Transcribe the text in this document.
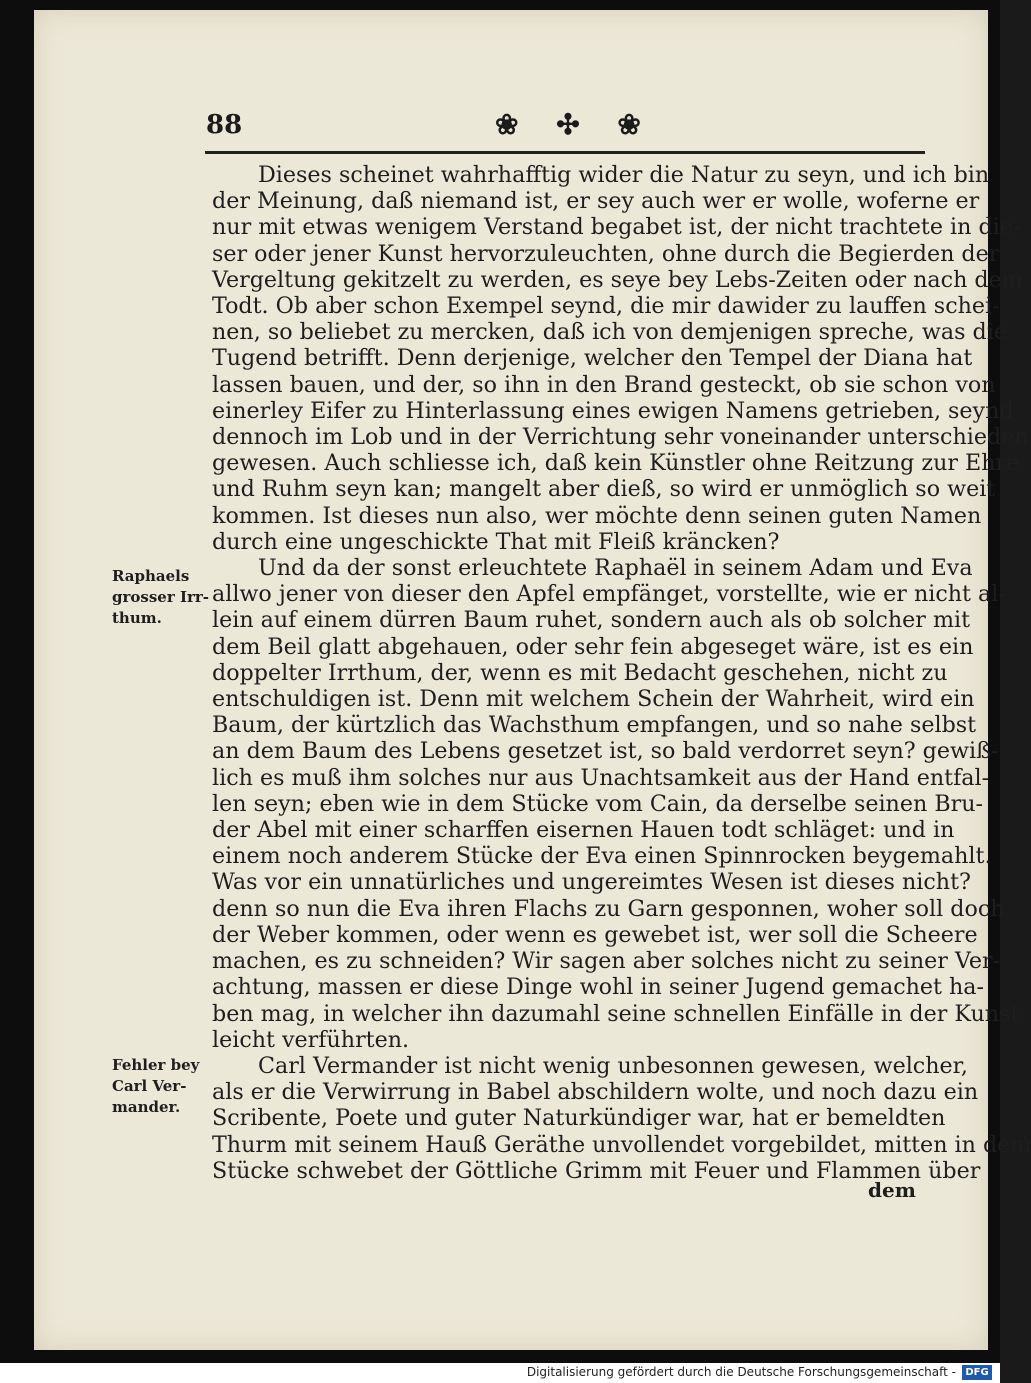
88	❀ ✣ ❀
Raphaels
grosser Irr-
thum.
Fehler bey
Carl Ver-
mander.
Dieses scheinet wahrhafftig wider die Natur zu seyn, und ich bin
der Meinung, daß niemand ist, er sey auch wer er wolle, woferne er
nur mit etwas wenigem Verstand begabet ist, der nicht trachtete in die-
ser oder jener Kunst hervorzuleuchten, ohne durch die Begierden der
Vergeltung gekitzelt zu werden, es seye bey Lebs-Zeiten oder nach dem
Todt. Ob aber schon Exempel seynd, die mir dawider zu lauffen schei-
nen, so beliebet zu mercken, daß ich von demjenigen spreche, was die
Tugend betrifft. Denn derjenige, welcher den Tempel der Diana hat
lassen bauen, und der, so ihn in den Brand gesteckt, ob sie schon von
einerley Eifer zu Hinterlassung eines ewigen Namens getrieben, seynd
dennoch im Lob und in der Verrichtung sehr voneinander unterschieden
gewesen. Auch schliesse ich, daß kein Künstler ohne Reitzung zur Ehre
und Ruhm seyn kan; mangelt aber dieß, so wird er unmöglich so weit
kommen. Ist dieses nun also, wer möchte denn seinen guten Namen
durch eine ungeschickte That mit Fleiß kräncken?
Und da der sonst erleuchtete Raphaël in seinem Adam und Eva
allwo jener von dieser den Apfel empfänget, vorstellte, wie er nicht al-
lein auf einem dürren Baum ruhet, sondern auch als ob solcher mit
dem Beil glatt abgehauen, oder sehr fein abgeseget wäre, ist es ein
doppelter Irrthum, der, wenn es mit Bedacht geschehen, nicht zu
entschuldigen ist. Denn mit welchem Schein der Wahrheit, wird ein
Baum, der kürtzlich das Wachsthum empfangen, und so nahe selbst
an dem Baum des Lebens gesetzet ist, so bald verdorret seyn? gewiß-
lich es muß ihm solches nur aus Unachtsamkeit aus der Hand entfal-
len seyn; eben wie in dem Stücke vom Cain, da derselbe seinen Bru-
der Abel mit einer scharffen eisernen Hauen todt schläget: und in
einem noch anderem Stücke der Eva einen Spinnrocken beygemahlt.
Was vor ein unnatürliches und ungereimtes Wesen ist dieses nicht?
denn so nun die Eva ihren Flachs zu Garn gesponnen, woher soll doch
der Weber kommen, oder wenn es gewebet ist, wer soll die Scheere
machen, es zu schneiden? Wir sagen aber solches nicht zu seiner Ver-
achtung, massen er diese Dinge wohl in seiner Jugend gemachet ha-
ben mag, in welcher ihn dazumahl seine schnellen Einfälle in der Kunst
leicht verführten.
Carl Vermander ist nicht wenig unbesonnen gewesen, welcher,
als er die Verwirrung in Babel abschildern wolte, und noch dazu ein
Scribente, Poete und guter Naturkündiger war, hat er bemeldten
Thurm mit seinem Hauß Geräthe unvollendet vorgebildet, mitten in dem
Stücke schwebet der Göttliche Grimm mit Feuer und Flammen über
dem
Digitalisierung gefördert durch die Deutsche Forschungsgemeinschaft - DFG
